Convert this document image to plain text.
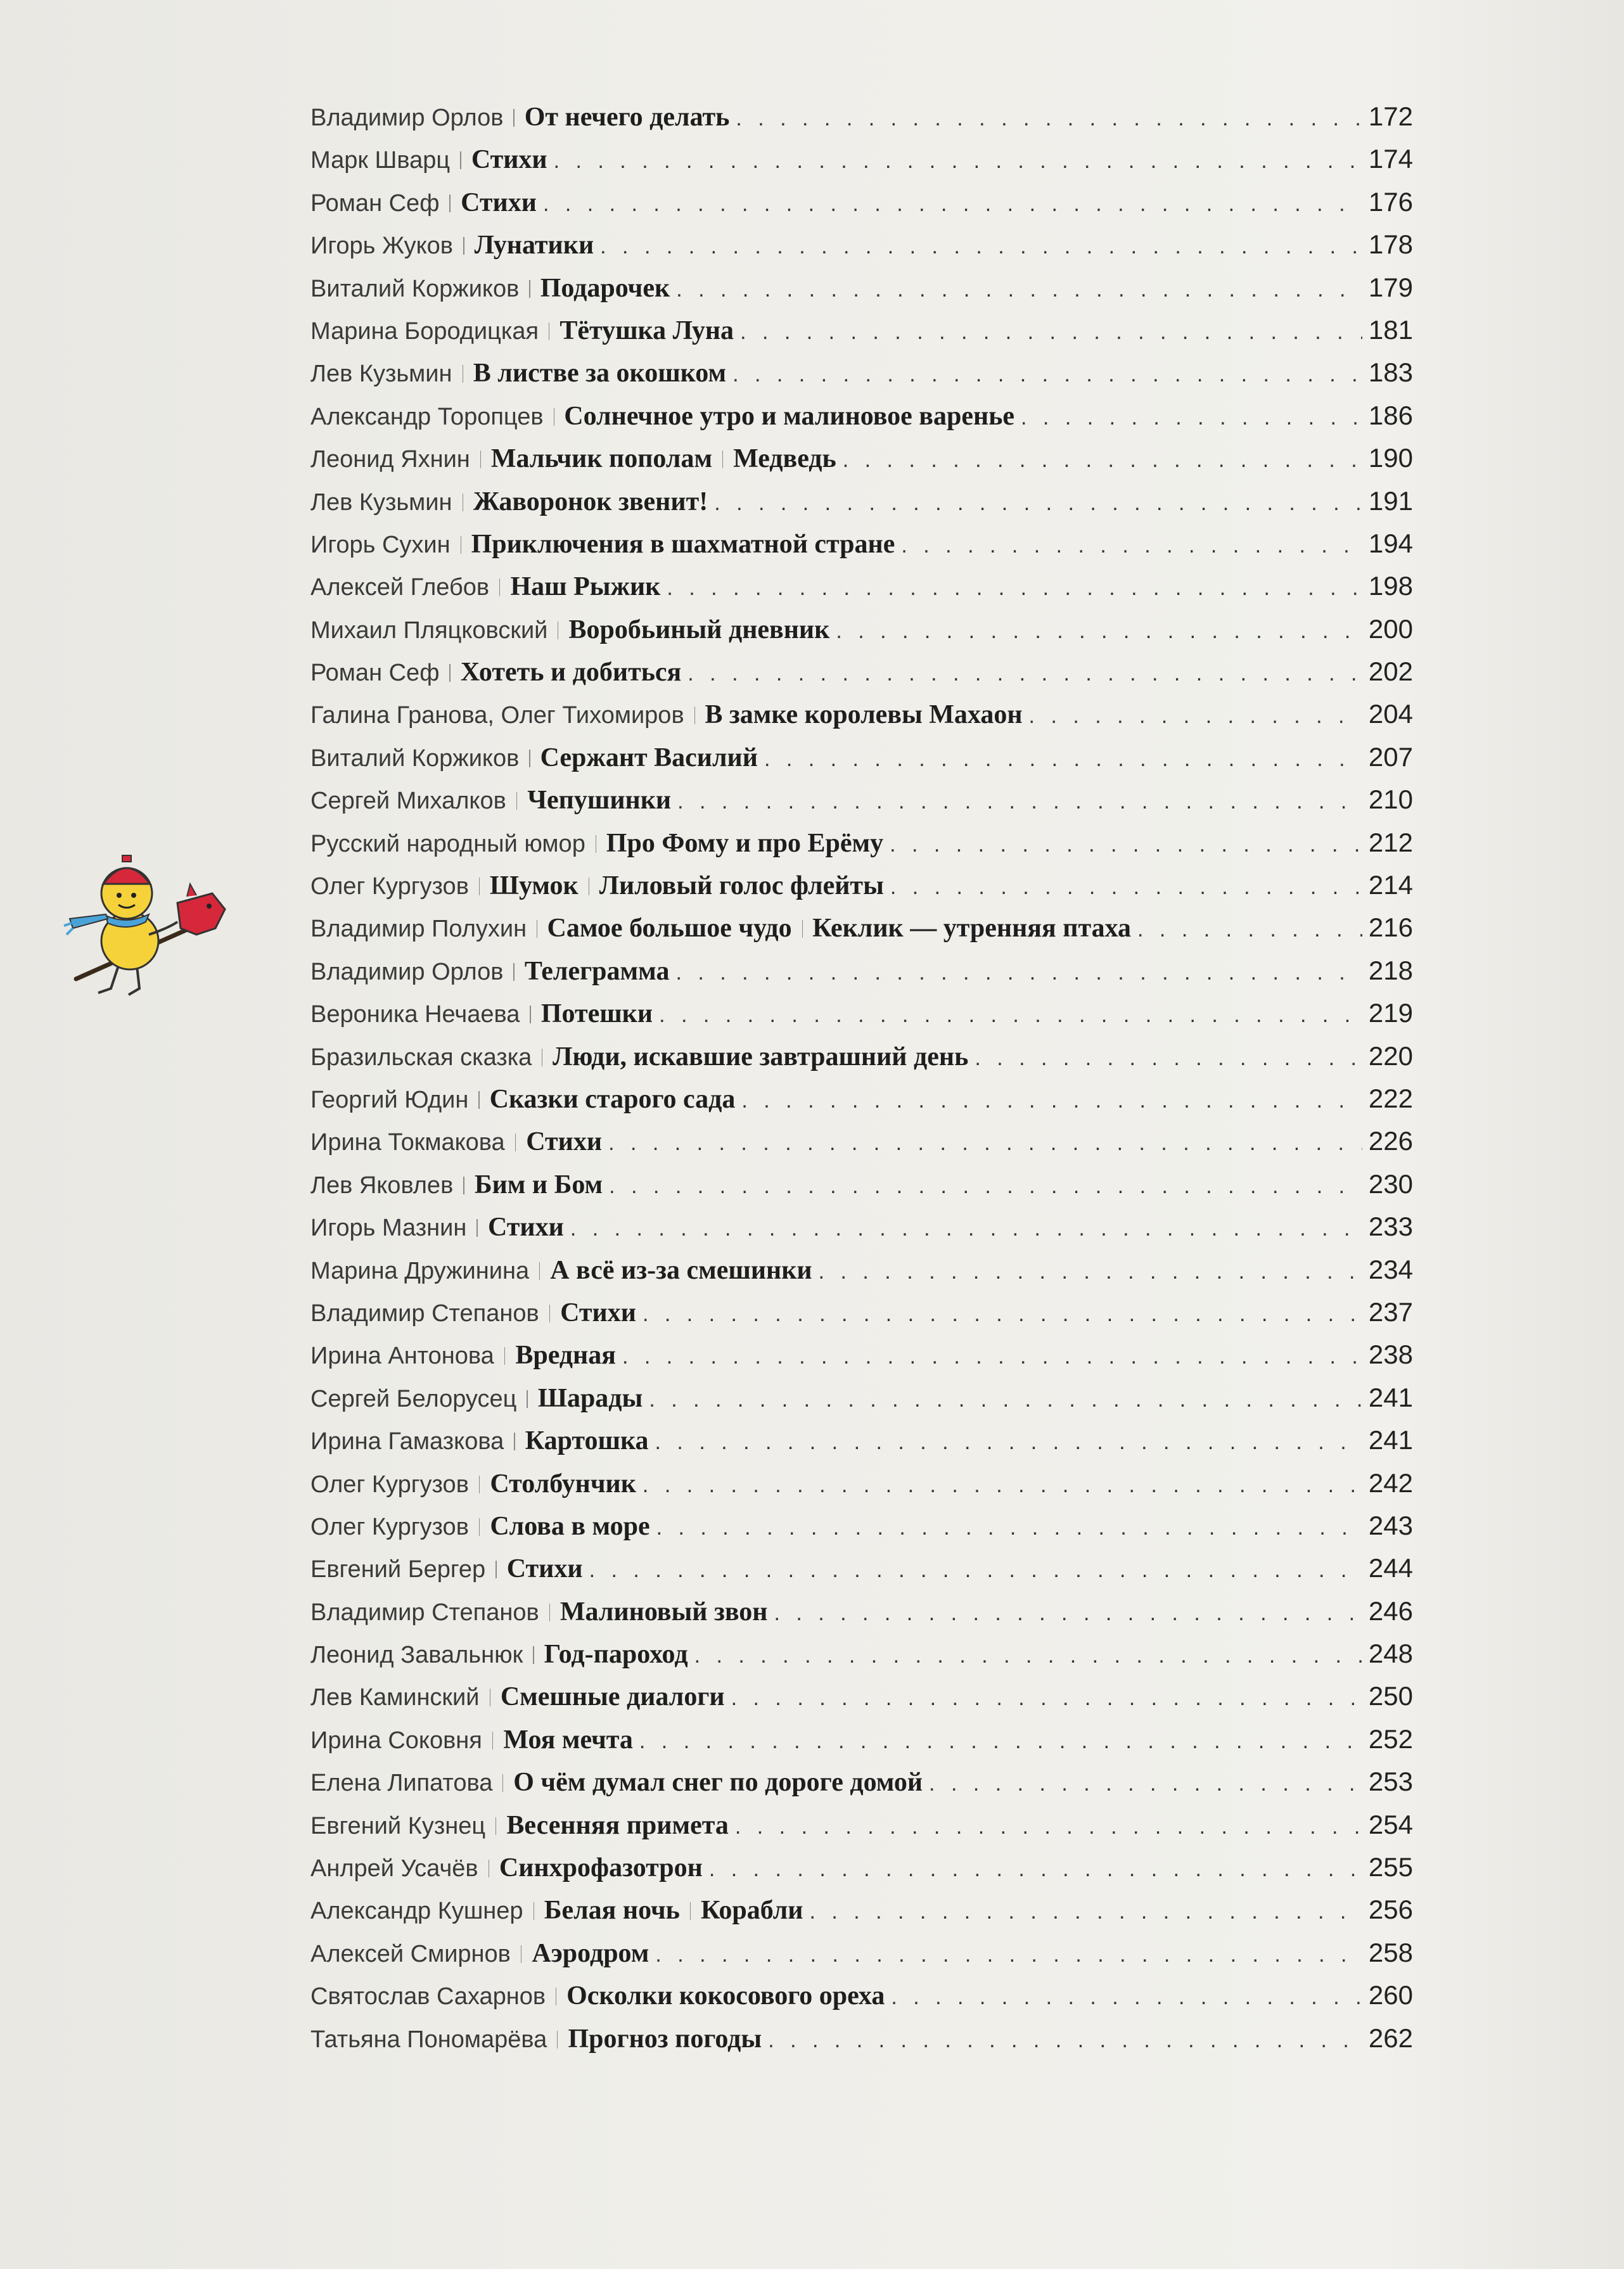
Владимир Орлов От нечего делать . . .	172
Марк Шварц Стихи . . .	174
Роман Сеф Стихи . . .	176
Игорь Жуков Лунатики . . .	178
Виталий Коржиков Подарочек . . .	179
Марина Бородицкая Тётушка Луна . . .	181
Лев Кузьмин В листве за окошком . . .	183
Александр Торопцев Солнечное утро и малиновое варенье . . .	186
Леонид Яхнин Мальчик пополам Медведь . . .	190
Лев Кузьмин Жаворонок звенит! . . .	191
Игорь Сухин Приключения в шахматной стране . . .	194
Алексей Глебов Наш Рыжик . . .	198
Михаил Пляцковский Воробьиный дневник . . .	200
Роман Сеф Хотеть и добиться . . .	202
Галина Гранова, Олег Тихомиров В замке королевы Махаон . . .	204
Виталий Коржиков Сержант Василий . . .	207
Сергей Михалков Чепушинки . . .	210
Русский народный юмор Про Фому и про Ерёму . . .	212
Олег Кургузов Шумок Лиловый голос флейты . . .	214
Владимир Полухин Самое большое чудо Кеклик — утренняя птаха . . .	216
Владимир Орлов Телеграмма . . .	218
Вероника Нечаева Потешки . . .	219
Бразильская сказка Люди, искавшие завтрашний день . . .	220
Георгий Юдин Сказки старого сада . . .	222
Ирина Токмакова Стихи . . .	226
Лев Яковлев Бим и Бом . . .	230
Игорь Мазнин Стихи . . .	233
Марина Дружинина А всё из-за смешинки . . .	234
Владимир Степанов Стихи . . .	237
Ирина Антонова Вредная . . .	238
Сергей Белорусец Шарады . . .	241
Ирина Гамазкова Картошка . . .	241
Олег Кургузов Столбунчик . . .	242
Олег Кургузов Слова в море . . .	243
Евгений Бергер Стихи . . .	244
Владимир Степанов Малиновый звон . . .	246
Леонид Завальнюк Год-пароход . . .	248
Лев Каминский Смешные диалоги . . .	250
Ирина Соковня Моя мечта . . .	252
Елена Липатова О чём думал снег по дороге домой . . .	253
Евгений Кузнец Весенняя примета . . .	254
Анлрей Усачёв Синхрофазотрон . . .	255
Александр Кушнер Белая ночь Корабли . . .	256
Алексей Смирнов Аэродром . . .	258
Святослав Сахарнов Осколки кокосового ореха . . .	260
Татьяна Пономарёва Прогноз погоды . . .	262
